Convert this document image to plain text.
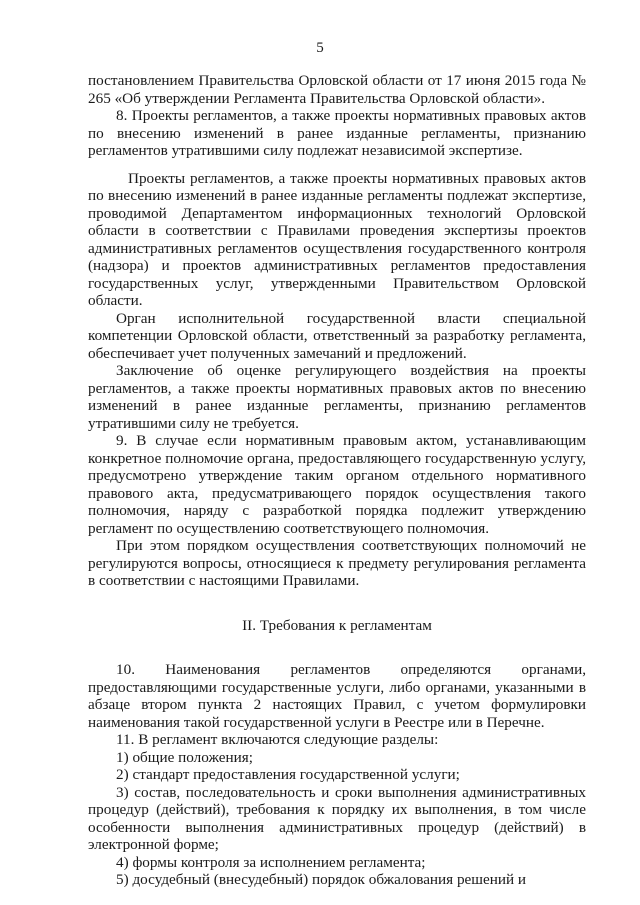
5

постановлением Правительства Орловской области от 17 июня 2015 года № 265 «Об утверждении Регламента Правительства Орловской области».

8. Проекты регламентов, а также проекты нормативных правовых актов по внесению изменений в ранее изданные регламенты, признанию регламентов утратившими силу подлежат независимой экспертизе.

Проекты регламентов, а также проекты нормативных правовых актов по внесению изменений в ранее изданные регламенты подлежат экспертизе, проводимой Департаментом информационных технологий Орловской области в соответствии с Правилами проведения экспертизы проектов административных регламентов осуществления государственного контроля (надзора) и проектов административных регламентов предоставления государственных услуг, утвержденными Правительством Орловской области.

Орган исполнительной государственной власти специальной компетенции Орловской области, ответственный за разработку регламента, обеспечивает учет полученных замечаний и предложений.

Заключение об оценке регулирующего воздействия на проекты регламентов, а также проекты нормативных правовых актов по внесению изменений в ранее изданные регламенты, признанию регламентов утратившими силу не требуется.

9. В случае если нормативным правовым актом, устанавливающим конкретное полномочие органа, предоставляющего государственную услугу, предусмотрено утверждение таким органом отдельного нормативного правового акта, предусматривающего порядок осуществления такого полномочия, наряду с разработкой порядка подлежит утверждению регламент по осуществлению соответствующего полномочия.

При этом порядком осуществления соответствующих полномочий не регулируются вопросы, относящиеся к предмету регулирования регламента в соответствии с настоящими Правилами.

II. Требования к регламентам

10. Наименования регламентов определяются органами, предоставляющими государственные услуги, либо органами, указанными в абзаце втором пункта 2 настоящих Правил, с учетом формулировки наименования такой государственной услуги в Реестре или в Перечне.

11. В регламент включаются следующие разделы:

1) общие положения;

2) стандарт предоставления государственной услуги;

3) состав, последовательность и сроки выполнения административных процедур (действий), требования к порядку их выполнения, в том числе особенности выполнения административных процедур (действий) в электронной форме;

4) формы контроля за исполнением регламента;

5) досудебный (внесудебный) порядок обжалования решений и
